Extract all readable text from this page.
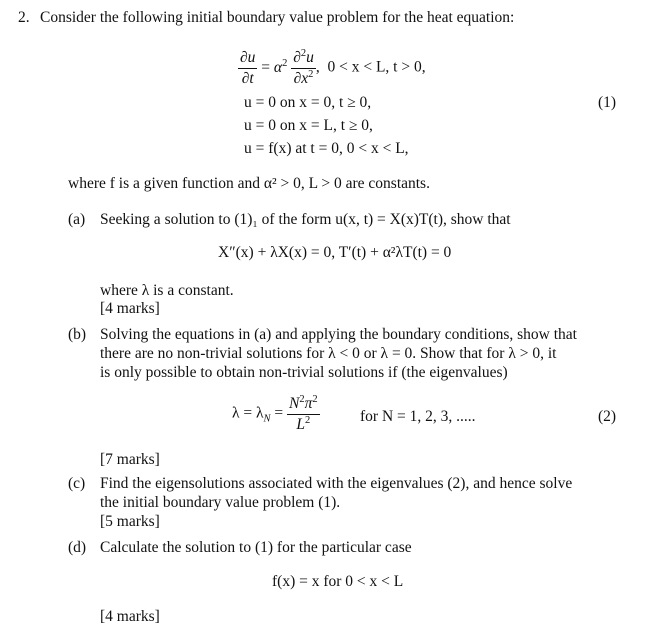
2. Consider the following initial boundary value problem for the heat equation:
$\frac{\partial u}{\partial t} = \alpha^2 \frac{\partial^2u}{\partial x^2}$ ,  0 < x < L, t > 0,
u = 0 on x = 0, t ≥ 0,
u = 0 on x = L, t ≥ 0,
u = f(x) at t = 0, 0 < x < L,
(1)
where f is a given function and α² > 0, L > 0 are constants.
(a) Seeking a solution to (1)₁ of the form u(x, t) = X(x)T(t), show that
X″(x) + λX(x) = 0, T′(t) + α²λT(t) = 0
where λ is a constant.
[4 marks]
(b) Solving the equations in (a) and applying the boundary conditions, show that
there are no non-trivial solutions for λ < 0 or λ = 0. Show that for λ > 0, it
is only possible to obtain non-trivial solutions if (the eigenvalues)
$\lambda = \lambda_N = \frac{N^2\pi^2}{L^2}$	for N = 1, 2, 3, .....	(2)
[7 marks]
(c) Find the eigensolutions associated with the eigenvalues (2), and hence solve
the initial boundary value problem (1).
[5 marks]
(d) Calculate the solution to (1) for the particular case
f(x) = x for 0 < x < L
[4 marks]
